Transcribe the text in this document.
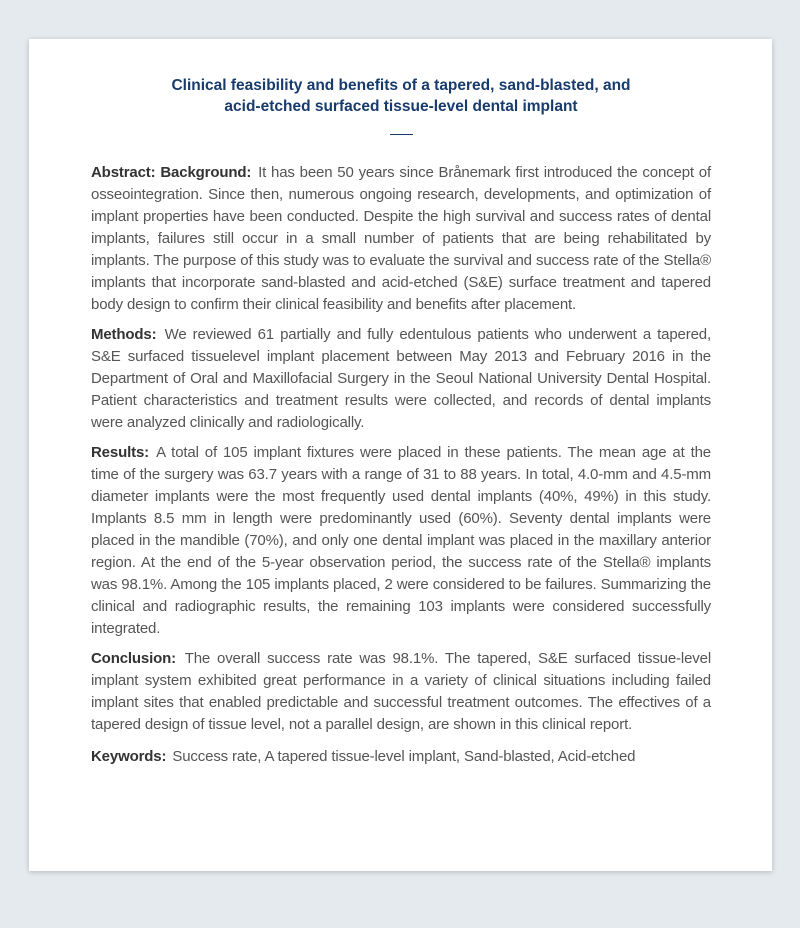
Clinical feasibility and benefits of a tapered, sand-blasted, and
acid-etched surfaced tissue-level dental implant

Abstract: Background: It has been 50 years since Brånemark first introduced the concept of osseointegration. Since then, numerous ongoing research, developments, and optimization of implant properties have been conducted. Despite the high survival and success rates of dental implants, failures still occur in a small number of patients that are being rehabilitated by implants. The purpose of this study was to evaluate the survival and success rate of the Stella® implants that incorporate sand-blasted and acid-etched (S&E) surface treatment and tapered body design to confirm their clinical feasibility and benefits after placement.

Methods: We reviewed 61 partially and fully edentulous patients who underwent a tapered, S&E surfaced tissuelevel implant placement between May 2013 and February 2016 in the Department of Oral and Maxillofacial Surgery in the Seoul National University Dental Hospital. Patient characteristics and treatment results were collected, and records of dental implants were analyzed clinically and radiologically.

Results: A total of 105 implant fixtures were placed in these patients. The mean age at the time of the surgery was 63.7 years with a range of 31 to 88 years. In total, 4.0-mm and 4.5-mm diameter implants were the most frequently used dental implants (40%, 49%) in this study. Implants 8.5 mm in length were predominantly used (60%). Seventy dental implants were placed in the mandible (70%), and only one dental implant was placed in the maxillary anterior region. At the end of the 5-year observation period, the success rate of the Stella® implants was 98.1%. Among the 105 implants placed, 2 were considered to be failures. Summarizing the clinical and radiographic results, the remaining 103 implants were considered successfully integrated.

Conclusion: The overall success rate was 98.1%. The tapered, S&E surfaced tissue-level implant system exhibited great performance in a variety of clinical situations including failed implant sites that enabled predictable and successful treatment outcomes. The effectives of a tapered design of tissue level, not a parallel design, are shown in this clinical report.

Keywords: Success rate, A tapered tissue-level implant, Sand-blasted, Acid-etched
